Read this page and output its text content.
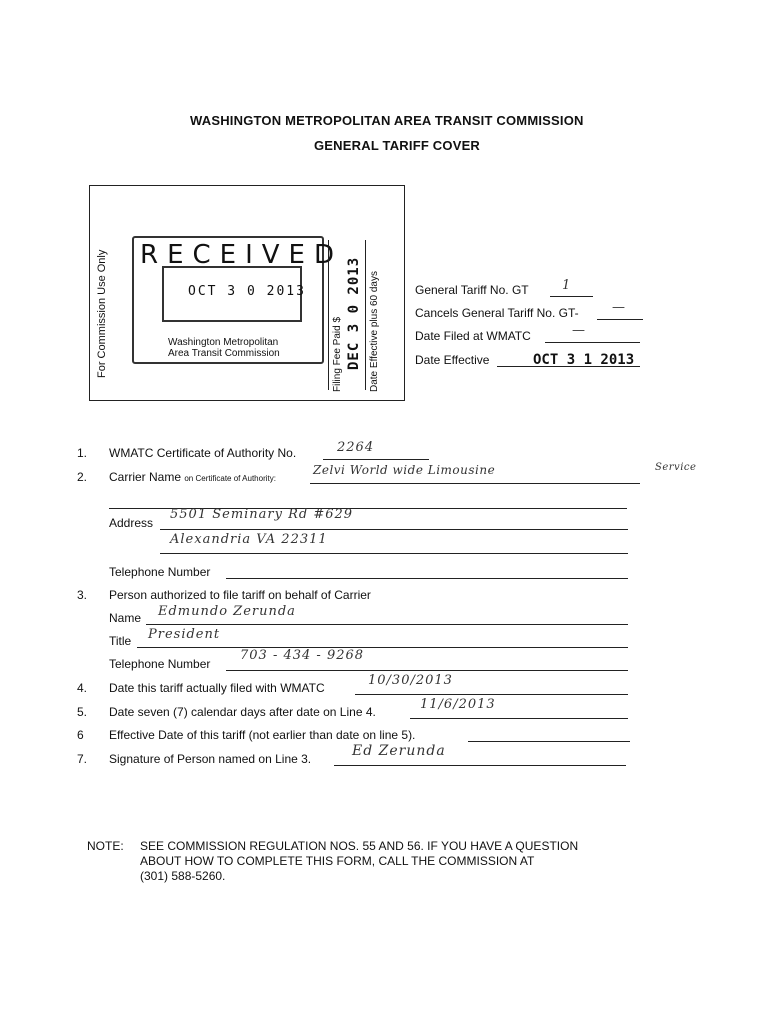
WASHINGTON METROPOLITAN AREA TRANSIT COMMISSION
GENERAL TARIFF COVER
For Commission Use Only RECEIVED
OCT 3 0 2013
Washington Metropolitan
Area Transit Commission	Filing Fee Paid $ DEC 3 0 2013 Date Effective plus 60 days	General Tariff No. GT	1
Cancels General Tariff No. GT-	—
Date Filed at WMATC	—
Date Effective	OCT 3 1 2013
1. WMATC Certificate of Authority No.	2264
2. Carrier Name on Certificate of Authority:
Zelvi World wide Limousine	Service
Address
5501 Seminary Rd #629
Alexandria VA 22311
Telephone Number
3. Person authorized to file tariff on behalf of Carrier
Name Edmundo Zerunda
Title President
Telephone Number
703 - 434 - 9268
4. Date this tariff actually filed with WMATC	10/30/2013
5. Date seven (7) calendar days after date on Line 4.	11/6/2013
6 Effective Date of this tariff (not earlier than date on line 5).
7. Signature of Person named on Line 3.	Ed Zerunda
NOTE: SEE COMMISSION REGULATION NOS. 55 AND 56. IF YOU HAVE A QUESTION
ABOUT HOW TO COMPLETE THIS FORM, CALL THE COMMISSION AT
(301) 588-5260.
